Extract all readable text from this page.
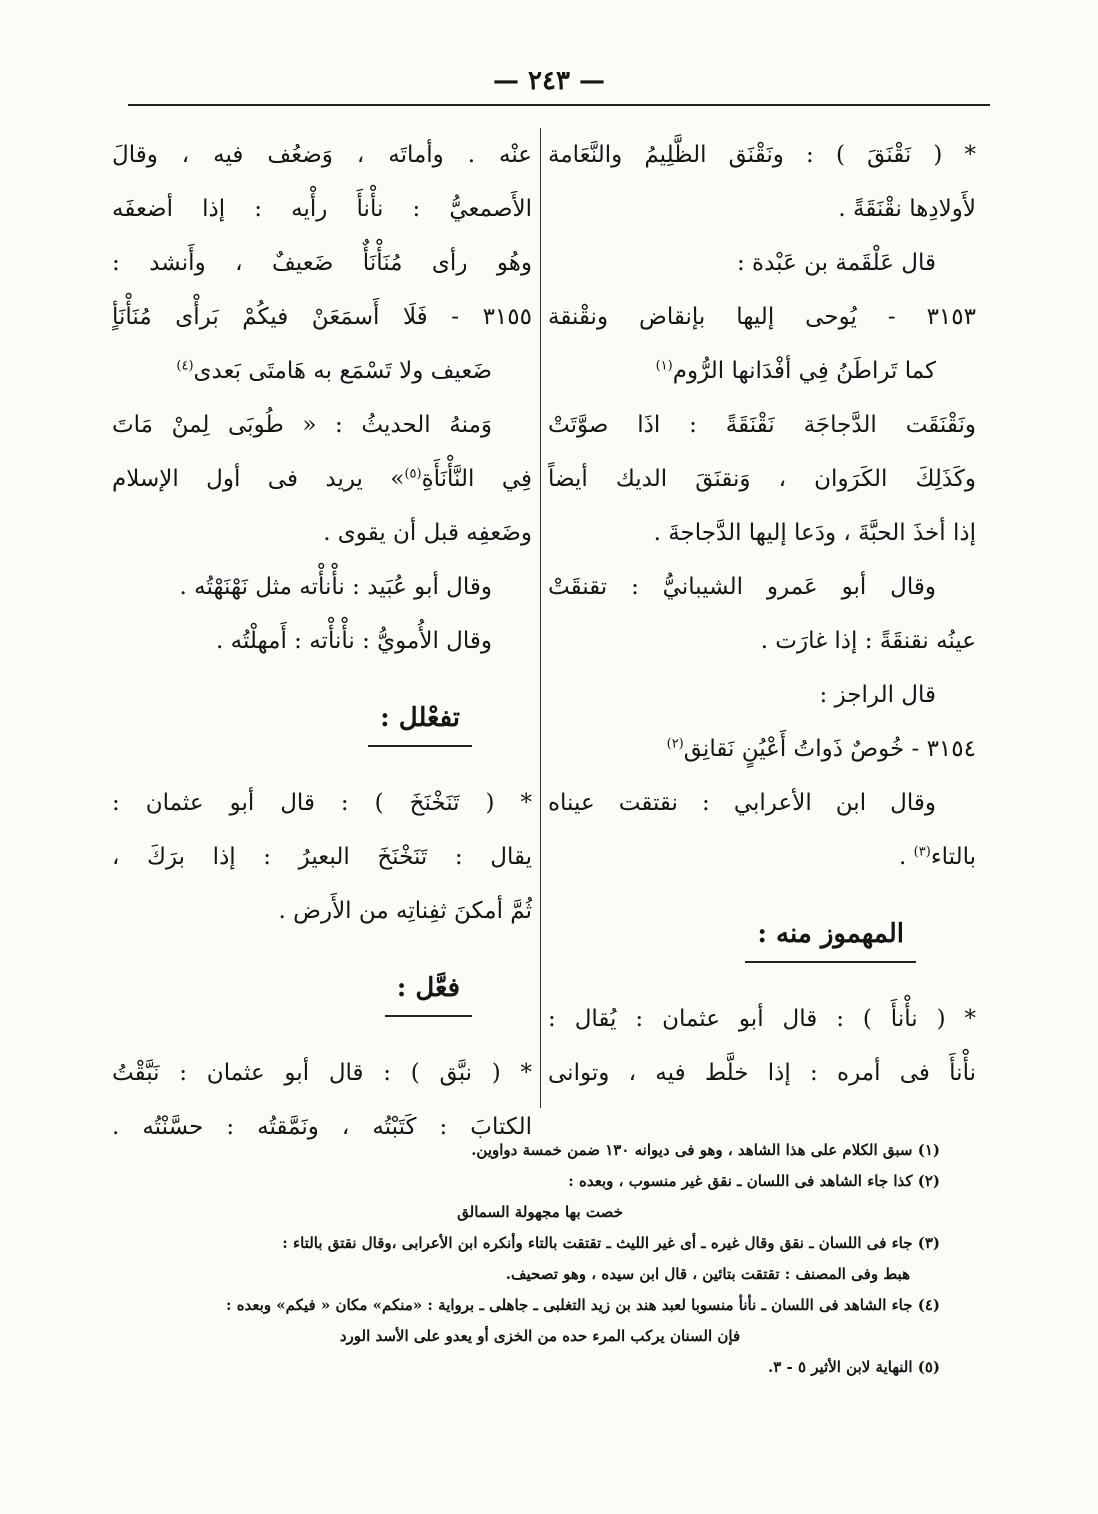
— ٢٤٣ —
* ( نَقْنَقَ ) : ونَقْنَق الظَّلِيمُ والنَّعَامة
لأَولادِها نقْنَقَةً .
قال عَلْقَمة بن عَبْدة :
٣١٥٣ - يُوحى إليها بإنقاض ونقْنقة
كما تَراطَنُ فِي أفْدَانها الرُّوم$^{(١)}$
ونَقْنَقَت الدَّجاجَة نَقْنَقَةً : اذَا صوَّتَتْ
وكَذَلِكَ الكَرَوان ، وَنقنَقَ الديك أيضاً
إذا أخذَ الحبَّةَ ، ودَعا إليها الدَّجاجةَ .
وقال أبو عَمرو الشيبانيُّ : تقنقَتْ
عينُه نقنقَةً : إذا غارَت .
قال الراجز :
٣١٥٤ - خُوصٌ ذَواتُ أَعْيُنٍ نَقانِق$^{(٢)}$
وقال ابن الأعرابي : نقتقت عيناه
بالتاء$^{(٣)}$ .
المهموز منه :
* ( نأْنأَ ) : قال أبو عثمان : يُقال :
نأْنأَ فى أمره : إذا خلَّط فيه ، وتوانى
عنْه . وأماتَه ، وَضعُف فيه ، وقالَ
الأَصمعيُّ : نأْنأَ رأْيه : إذا أضعفَه
وهُو رأى مُنَأْنَأٌ ضَعيفٌ ، وأَنشد :
٣١٥٥ - فَلَا أَسمَعَنْ فيكُمْ بَرأْى مُنَأْنَأٍ
ضَعيف ولا تَسْمَع به هَامتَى بَعدى$^{(٤)}$
وَمنهُ الحديثُ : « طُوبَى لِمنْ مَاتَ
فِي النَّأْنَأَةِ$^{(٥)}$» يريد فى أول الإسلام
وضَعفِه قبل أن يقوى .
وقال أبو عُبَيد : نأْنأْته مثل نَهْنَهْتُه .
وقال الأُمويُّ : نأْنأْته : أَمهلْتُه .
تفعْلل :
* ( تَنَخْنَخَ ) : قال أبو عثمان :
يقال : تَنَخْنَخَ البعيرُ : إذا برَكَ ،
ثُمَّ أمكنَ ثفِناتِه من الأَرض .
فعَّل :
* ( نبَّق ) : قال أبو عثمان : نَبَّقْتُ
الكتابَ : كَتَبْتُه ، ونَمَّقتُه : حسَّنْتُه .
(١) سبق الكلام على هذا الشاهد ، وهو فى ديوانه ١٣٠ ضمن خمسة دواوين.
(٢) كذا جاء الشاهد فى اللسان ـ نقق غير منسوب ، وبعده :
خصت بها مجهولة السمالق
(٣) جاء فى اللسان ـ نقق وقال غيره ـ أى غير الليث ـ تقتقت بالتاء وأنكره ابن الأعرابى ،وقال نقتق بالتاء :
هبط وفى المصنف : تقتقت بتائين ، قال ابن سيده ، وهو تصحيف.
(٤) جاء الشاهد فى اللسان ـ نأنأ منسوبا لعبد هند بن زيد التغلبى ـ جاهلى ـ برواية : «منكم» مكان « فيكم» وبعده :
فإن السنان يركب المرء حده من الخزى أو يعدو على الأسد الورد
(٥) النهاية لابن الأثير ٥ - ٣.
